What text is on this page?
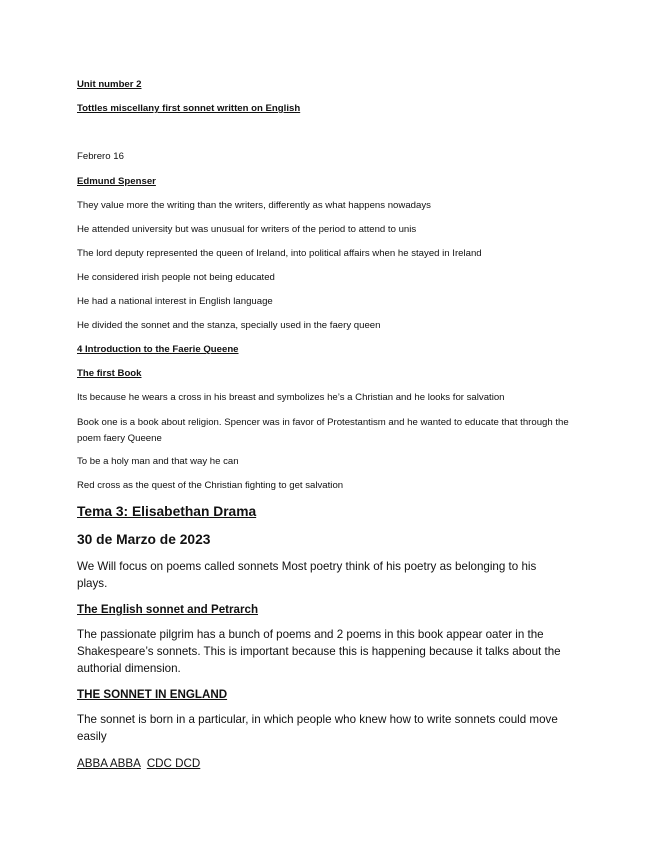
Unit number 2

Tottles miscellany first sonnet written on English

Febrero 16

Edmund Spenser

They value more the writing than the writers, differently as what happens nowadays

He attended university but was unusual for writers of the period to attend to unis

The lord deputy represented the queen of Ireland, into political affairs when he stayed in Ireland

He considered irish people not being educated

He had a national interest in English language

He divided the sonnet and the stanza, specially used in the faery queen

4 Introduction to the Faerie Queene

The first Book

Its because he wears a cross in his breast and symbolizes he’s a Christian and he looks for salvation

Book one is a book about religion. Spencer was in favor of Protestantism and he wanted to educate that through the poem faery Queene

To be a holy man and that way he can

Red cross as the quest of the Christian fighting to get salvation

Tema 3: Elisabethan Drama

30 de Marzo de 2023

We Will focus on poems called sonnets Most poetry think of his poetry as belonging to his plays.

The English sonnet and Petrarch

The passionate pilgrim has a bunch of poems and 2 poems in this book appear oater in the Shakespeare’s sonnets. This is important because this is happening because it talks about the authorial dimension.

THE SONNET IN ENGLAND

The sonnet is born in a particular, in which people who knew how to write sonnets could move easily

ABBA ABBA CDC DCD
